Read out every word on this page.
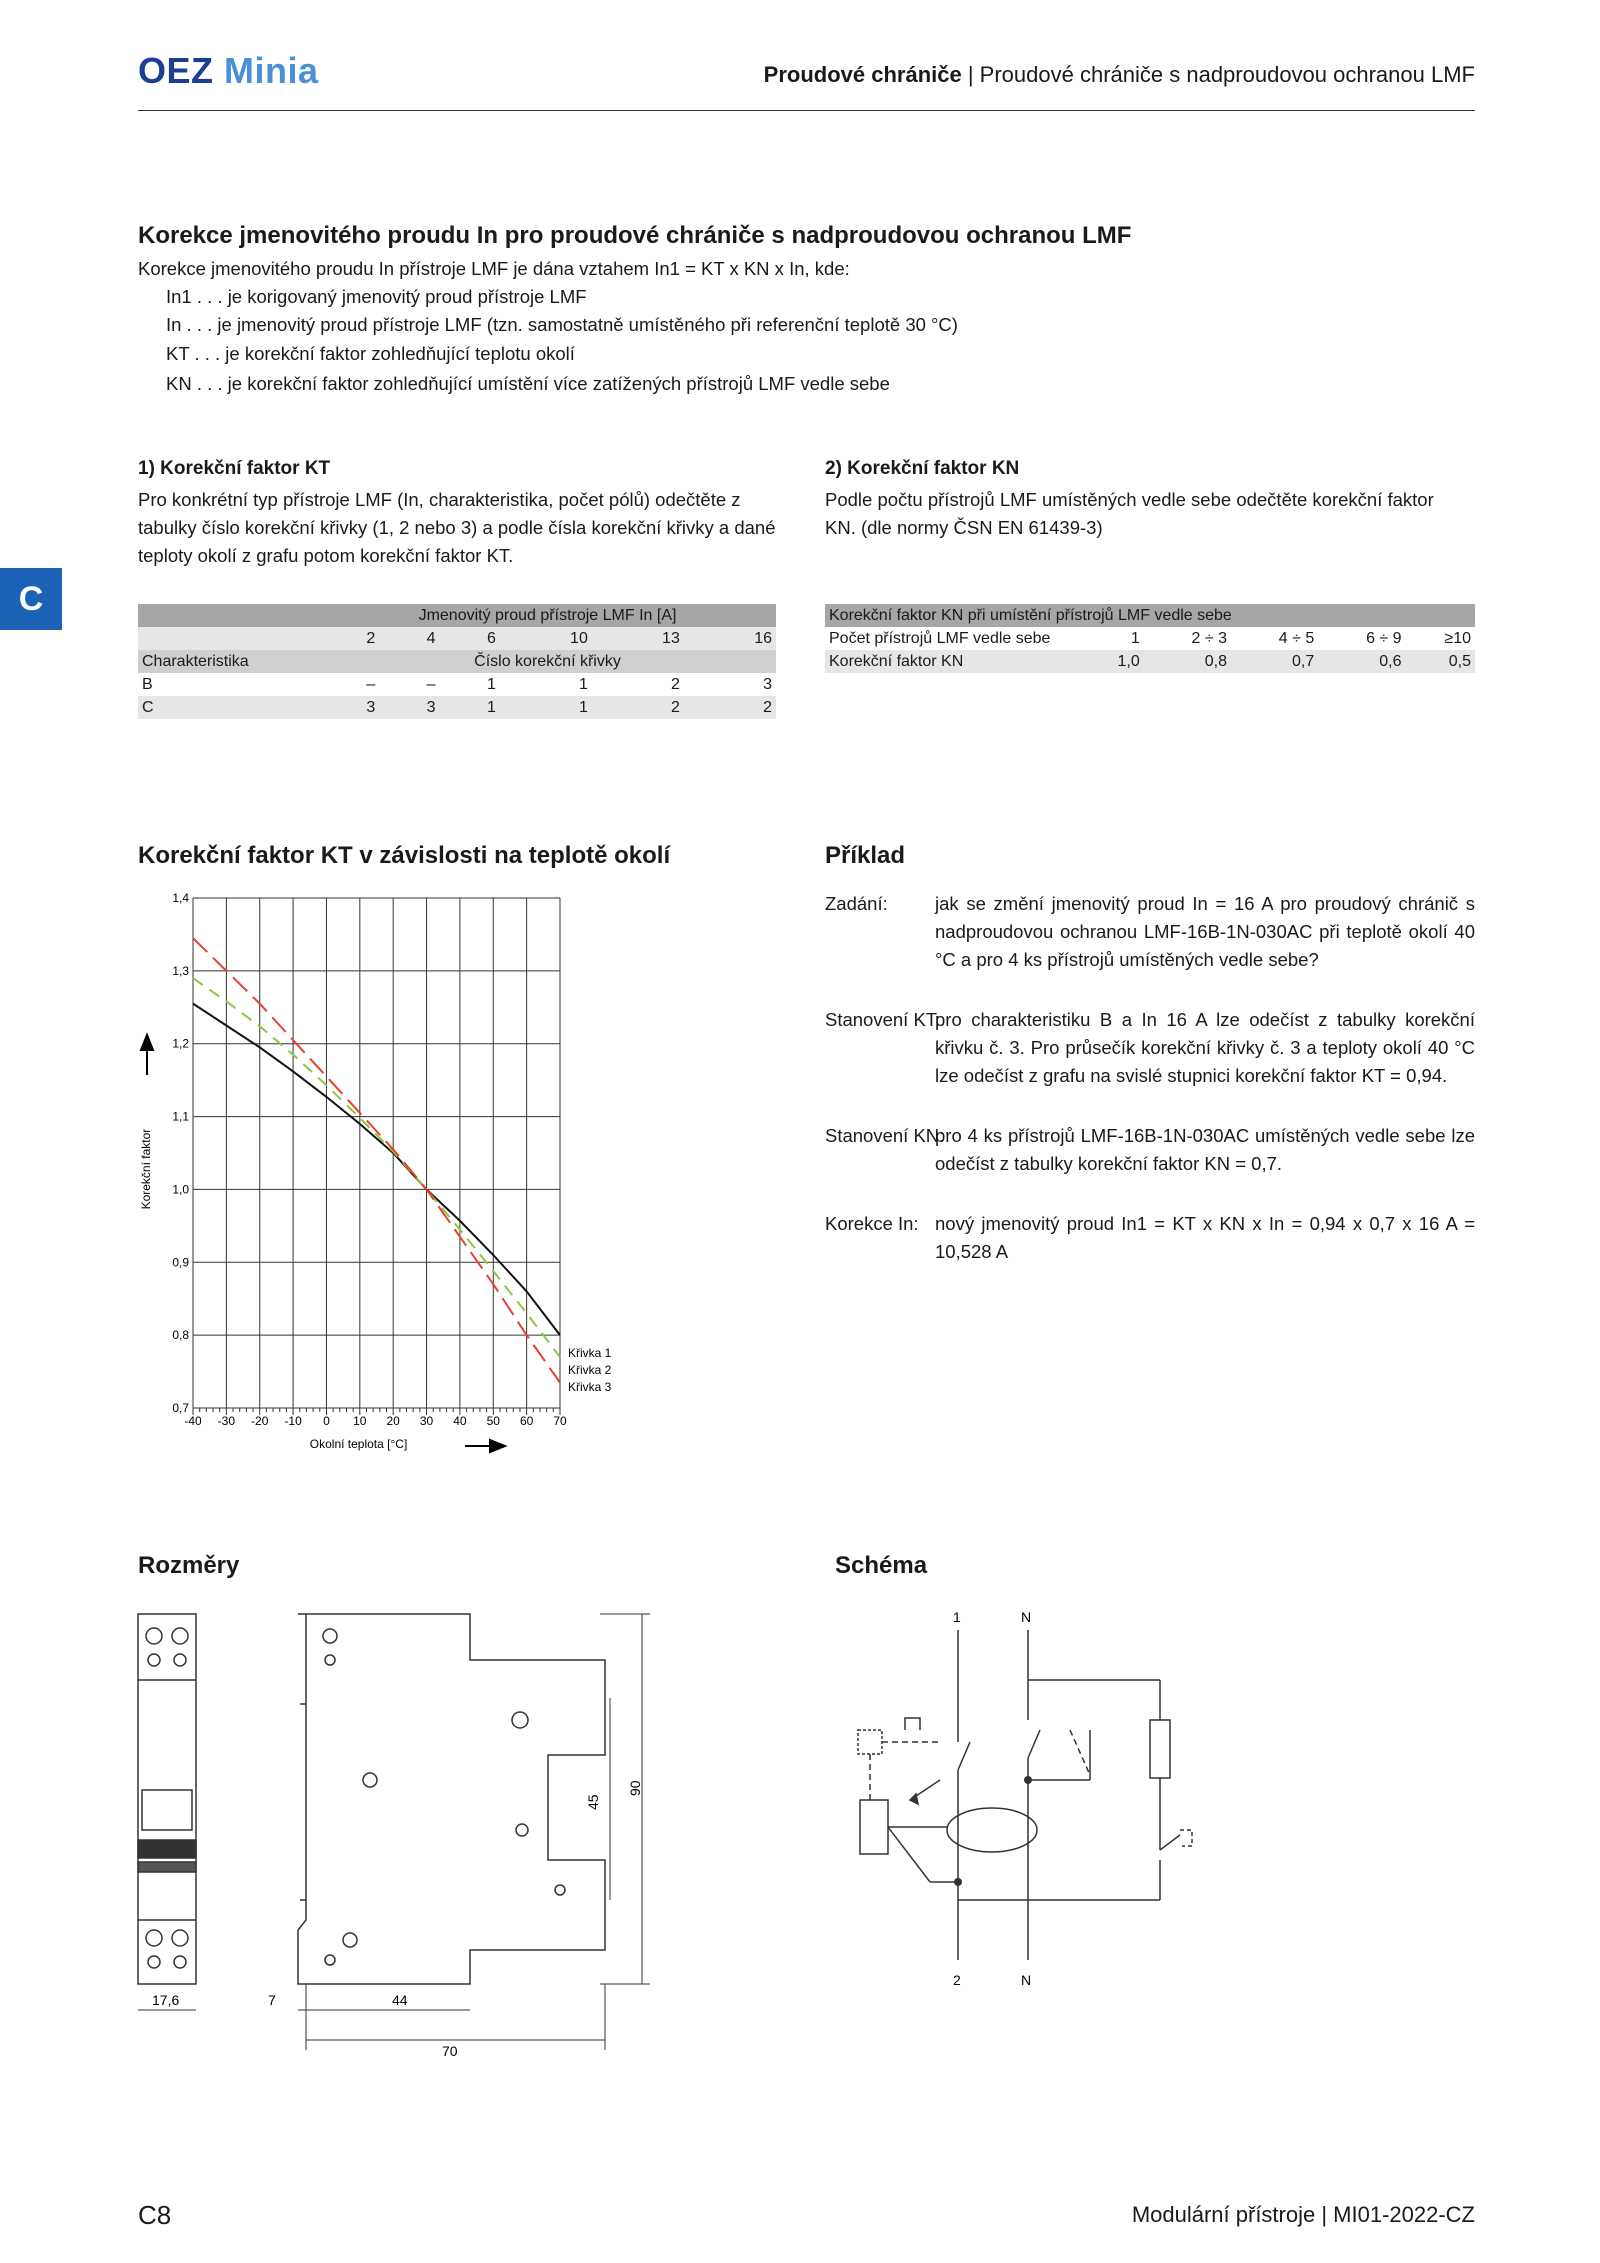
OEZ Minia	Proudové chrániče | Proudové chrániče s nadproudovou ochranou LMF
C
Korekce jmenovitého proudu In pro proudové chrániče s nadproudovou ochranou LMF
Korekce jmenovitého proudu In přístroje LMF je dána vztahem In1 = KT x KN x In, kde:
In1 . . . je korigovaný jmenovitý proud přístroje LMF
In . . . je jmenovitý proud přístroje LMF (tzn. samostatně umístěného při referenční teplotě 30 °C)
KT . . . je korekční faktor zohledňující teplotu okolí
KN . . . je korekční faktor zohledňující umístění více zatížených přístrojů LMF vedle sebe
1) Korekční faktor KT
Pro konkrétní typ přístroje LMF (In, charakteristika, počet pólů) odečtěte z tabulky číslo korekční křivky (1, 2 nebo 3) a podle čísla korekční křivky a dané teploty okolí z grafu potom korekční faktor KT.
2) Korekční faktor KN
Podle počtu přístrojů LMF umístěných vedle sebe odečtěte korekční faktor KN. (dle normy ČSN EN 61439-3)
		Jmenovitý proud přístroje LMF In [A]					
		2	4	6	10	13	16
Charakteristika		Číslo korekční křivky					
B		–	–	1	1	2	3
C		3	3	1	1	2	2
Korekční faktor KN při umístění přístrojů LMF vedle sebe					
Počet přístrojů LMF vedle sebe	1	2 ÷ 3	4 ÷ 5	6 ÷ 9	≥10
Korekční faktor KN	1,0	0,8	0,7	0,6	0,5
Korekční faktor KT v závislosti na teplotě okolí
-40 -30 -20 -10 0 10 20 30 40 50 60 70
0,7
0,8
0,9
1,0
1,1
1,2
1,3
1,4
Křivka 1
Křivka 2
Křivka 3
Korekční faktor
Okolní teplota [°C]
Příklad
Zadání:	jak se změní jmenovitý proud In = 16 A pro proudový chránič s nadproudovou ochranou LMF-16B-1N-030AC při teplotě okolí 40 °C a pro 4 ks přístrojů umístěných vedle sebe?
Stanovení KT:
pro charakteristiku B a In 16 A lze odečíst z tabulky korekční křivku č. 3. Pro průsečík korekční křivky č. 3 a teploty okolí 40 °C lze odečíst z grafu na svislé stupnici korekční faktor KT = 0,94.
Stanovení KN:
pro 4 ks přístrojů LMF-16B-1N-030AC umístěných vedle sebe lze odečíst z tabulky korekční faktor KN = 0,7.
Korekce In: nový jmenovitý proud In1 = KT x KN x In = 0,94 x 0,7 x 16 A = 10,528 A
Rozměry
17,6	7	44
70
45
90
Schéma
1	N
2	N
C8	Modulární přístroje | MI01-2022-CZ
